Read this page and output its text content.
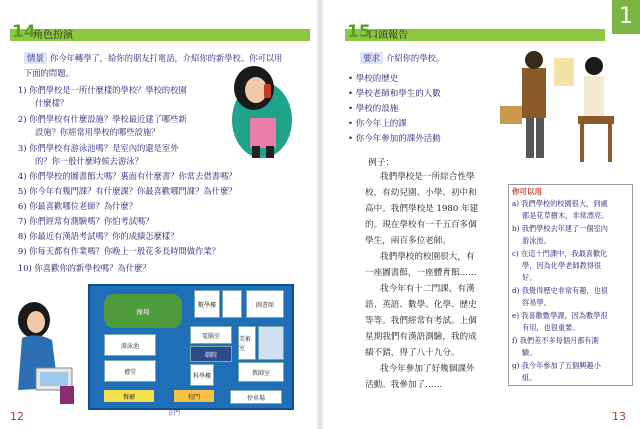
14
角色扮演
情景 你今年轉學了，給你的朋友打電話，介紹你的新學校。你可以用
下面的問題。
1) 你們學校是一所什麼樣的學校？學校的校園
什麼樣？
2) 你們學校有什麼設施？學校最近建了哪些新
設施？你經常用學校的哪些設施？
3) 你們學校有游泳池嗎？是室內的還是室外
的？你一般什麼時候去游泳？
4) 你們學校的圖書館大嗎？裏面有什麼書？你常去借書嗎？
5) 你今年有幾門課？有什麼課？你最喜歡哪門課？為什麼？
6) 你最喜歡哪位老師？為什麼？
7) 你們經常有測驗嗎？你怕考試嗎？
8) 你最近有漢語考試嗎？你的成績怎麼樣？
9) 你每天都有作業嗎？你晚上一般花多長時間做作業？
10) 你喜歡你的新學校嗎？為什麼？
操場
數學樓	圖書館
游泳池
電腦室	美術室
劇院
禮堂
科學樓	教師室
餐廳	停車場
校門
正門
12
1
15
口頭報告
要求 介紹你的學校。
• 學校的歷史
• 學校老師和學生的人數
• 學校的設施
• 你今年上的課
• 你今年參加的課外活動
例子：
我們學校是一所綜合性學
校，有幼兒園、小學、初中和
高中。我們學校是 1980 年建
的。現在學校有一千五百多個
學生，兩百多位老師。
我們學校的校園很大，有
一座圖書館，一座體育館……
我今年有十二門課，有漢
語、英語、數學、化學、歷史
等等。我們經常有考試。上個
星期我們有漢語測驗，我的成
績不錯，得了八十九分。
我今年參加了好幾個課外
活動。我參加了……
你可以用
a) 我們學校的校園很大，到處
都是花草樹木，非常漂亮。
b) 我們學校去年建了一個室內
游泳池。
c) 在這十門課中，我最喜歡化
學，因為化學老師教得很
好。
d) 我覺得歷史非常有趣，也很
容易學。
e) 我喜歡數學課，因為數學很
有用，也很重要。
f) 我們差不多每個月都有測
驗。
g) 我今年參加了五個興趣小
組。
13
